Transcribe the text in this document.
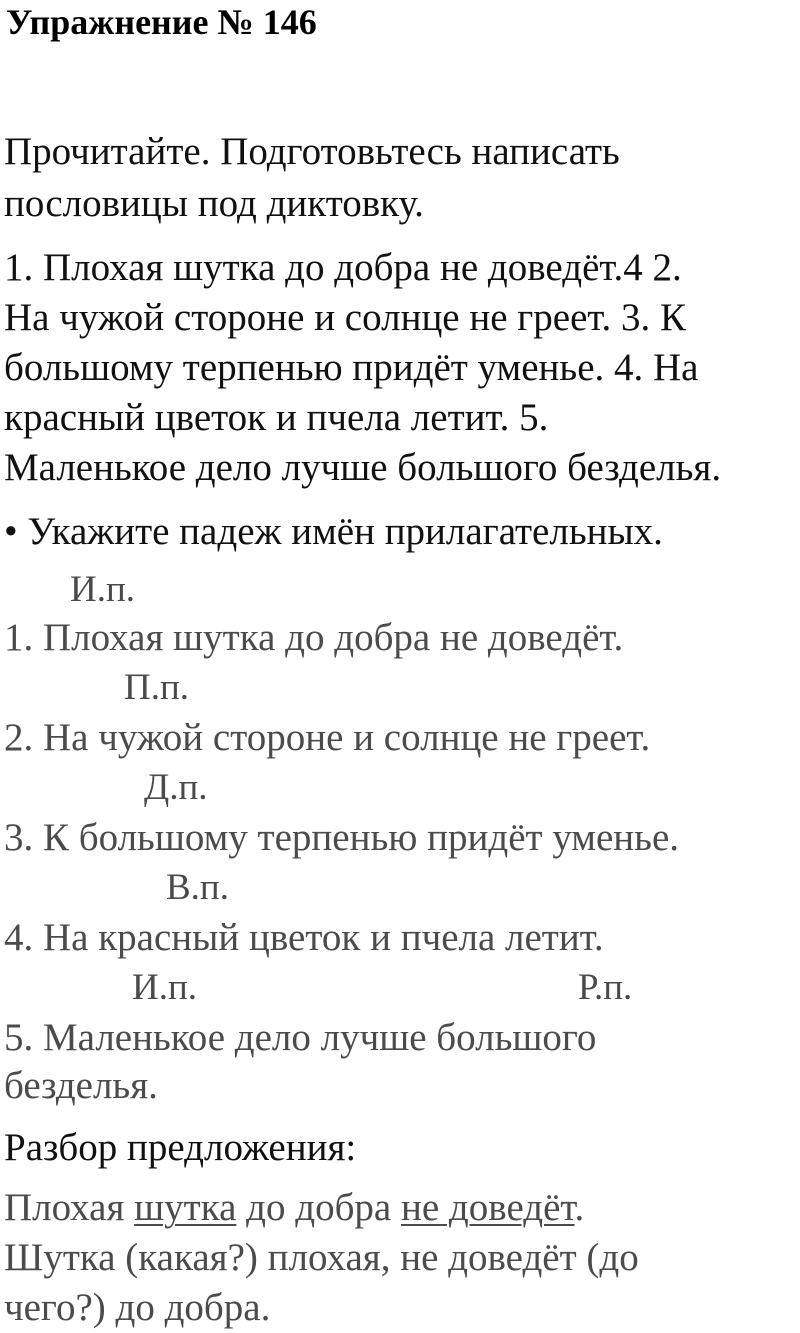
Упражнение № 146
Прочитайте. Подготовьтесь написать
пословицы под диктовку.
1. Плохая шутка до добра не доведёт.4 2.
На чужой стороне и солнце не греет. 3. К
большому терпенью придёт уменье. 4. На
красный цветок и пчела летит. 5.
Маленькое дело лучше большого безделья.
• Укажите падеж имён прилагательных.
И.п.
1. Плохая шутка до добра не доведёт.
П.п.
2. На чужой стороне и солнце не греет.
Д.п.
3. К большому терпенью придёт уменье.
В.п.
4. На красный цветок и пчела летит.
И.п.	Р.п.
5. Маленькое дело лучше большого
безделья.
Разбор предложения:
Плохая шутка до добра не доведёт.
Шутка (какая?) плохая, не доведёт (до
чего?) до добра.
